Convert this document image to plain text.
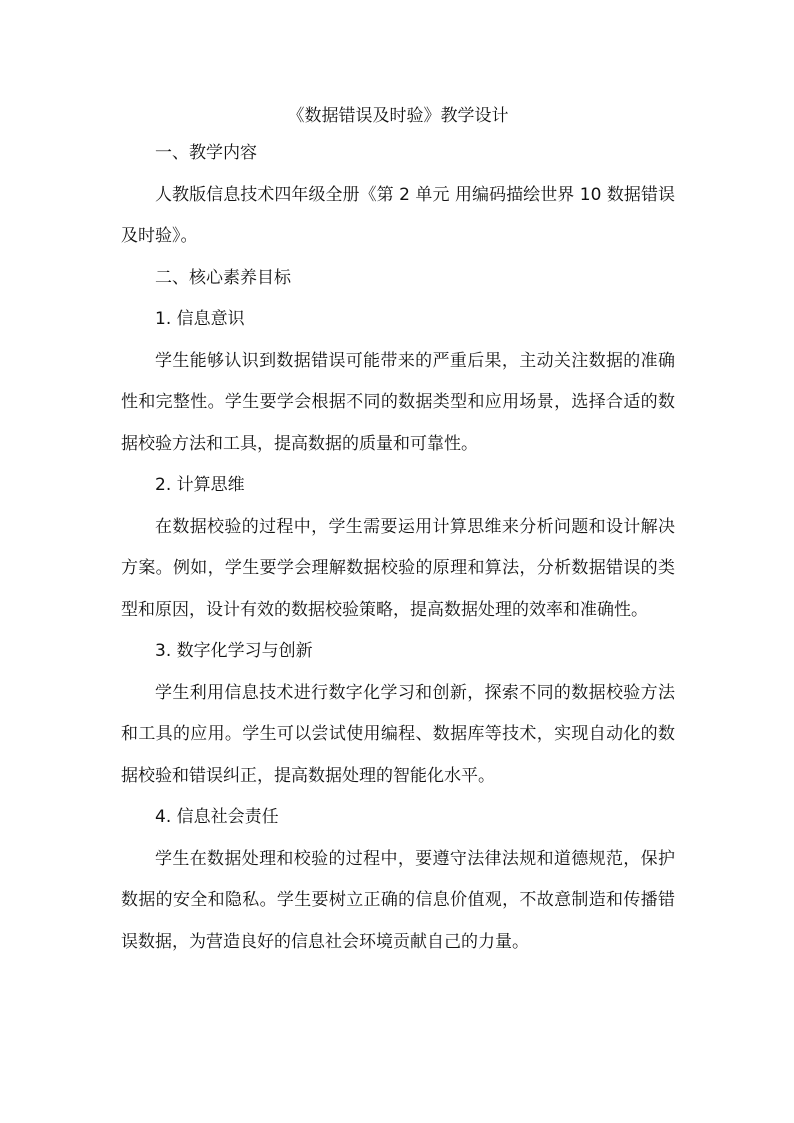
《数据错误及时验》教学设计

一、教学内容

人教版信息技术四年级全册《第 2 单元 用编码描绘世界 10 数据错误及时验》。

二、核心素养目标

1. 信息意识

学生能够认识到数据错误可能带来的严重后果，主动关注数据的准确性和完整性。学生要学会根据不同的数据类型和应用场景，选择合适的数据校验方法和工具，提高数据的质量和可靠性。

2. 计算思维

在数据校验的过程中，学生需要运用计算思维来分析问题和设计解决方案。例如，学生要学会理解数据校验的原理和算法，分析数据错误的类型和原因，设计有效的数据校验策略，提高数据处理的效率和准确性。

3. 数字化学习与创新

学生利用信息技术进行数字化学习和创新，探索不同的数据校验方法和工具的应用。学生可以尝试使用编程、数据库等技术，实现自动化的数据校验和错误纠正，提高数据处理的智能化水平。

4. 信息社会责任

学生在数据处理和校验的过程中，要遵守法律法规和道德规范，保护数据的安全和隐私。学生要树立正确的信息价值观，不故意制造和传播错误数据，为营造良好的信息社会环境贡献自己的力量。
